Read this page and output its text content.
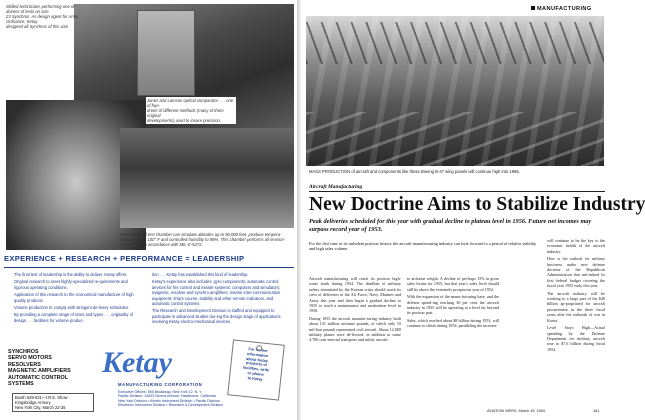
Skilled technicians performing one of dozens of tests on size
23 Synchros. As design agent for Army Ordnance, Ketay
designed all Synchros of this size.
Jones and Lamson optical comparator . . . one of hun-
dreds of different methods (many of them original
developments) used to insure precision.
Environmental test chamber can simulate altitudes up to 90,000 feet, produce tempera-
tures to minus 100° F and controlled humidity to 98%. This chamber performs all environ-
mental tests in accordance with MIL-E-5272.
EXPERIENCE + RESEARCH + PERFORMANCE = LEADERSHIP

The final test of leadership is the ability to deliver. Ketay offers:

Original research to meet highly-specialized re-quirements and rigorous operating conditions.

Application of this research to the economical manufacture of high quality products.

Volume production to comply with stringent de-livery schedules.

By providing a complete range of sizes and types . . . originality of design . . . facilities for volume produc-

tion . . . Ketay has established this kind of leadership.

Ketay's experience also includes: gyro components; automatic control devices for fire control and missile systems; computers and simulators; magnetic, resolver and synchro amplifiers; marine inter-communication equipment; ship's course, stability and other remote indicators, and automatic control systems.

The Research and Development Division is staffed and equipped to participate in advanced studies dur-ing the design stage of applications involving Ketay electro-mechanical devices.

SYNCHROS
SERVO MOTORS
RESOLVERS
MAGNETIC AMPLIFIERS
AUTOMATIC CONTROL SYSTEMS
Booth 629-631—I.R.E. Show
Kingsbridge Armory
New York City, March 22-25
Ketay
MANUFACTURING CORPORATION
Executive Offices: 555 Broadway, New York 12, N. Y.
Pacific Division: 12833 Simms Avenue, Hawthorne, California
New York Division • Kinetix Instrument Division • Pacific Division
Electronic Instrument Division • Research & Development Division
For further
information
about Ketay
products or
facilities, write
or phone
to Ketay
MANUFACTURING
MASS PRODUCTION of aircraft and components like these Boeing B-47 wing panels will continue high into 1956.
Aircraft Manufacturing
New Doctrine Aims to Stabilize Industry
Peak deliveries scheduled for this year with gradual decline to plateau level in 1956. Future net incomes may surpass record year of 1953.
For the first time in its turbulent postwar history the aircraft manufacturing industry can look forward to a period of relative stability and high sales volume.

Aircraft manufacturing will reach its postwar high-water mark during 1954. The deadline of military orders stimulated by the Korean crisis should reach its crest of deliveries to the Air Force, Navy, Marines and Army this year and then begin a gradual decline to 1955 to reach a maintenance and moderation level in 1956.

During 1953 the aircraft manufac-turing industry built about 131 million airframe pounds, of which only 10 mil-lion pounds represented civil aircraft. About 12,000 military planes were de-livered, in addition to some 4,700 com-mercial transports and utility aircraft.

to airframe weight. A decline of per-haps 15% in gross sales looms for 1955, but that year's sales level should still be above the extremely prosperous year of 1952.

With the expansion of the manu-facturing base, and the defense spend-ing reaching 30 per cent, the aircraft industry in 1955 will be operating at a level far beyond its postwar past.

Sales, which reached about $8 billion during 1953, will continue to climb during 1954, paralleling the increase

will continue to be the key to the economic health of the aircraft industry.

How is the outlook for military busi-ness under new defense doctrine of the Republican Administration that sub-mitted its first federal budget covering the fiscal year 1955 early this year.

The aircraft industry will be working to a large part of the $40 billion ap-propriated for aircraft procurement in the three fiscal years after the outbreak of war in Korea.

Level Stays High—Actual spending by the Defense Department for military aircraft rose to $7.6 billion during fiscal 1954.

AVIATION WEEK, March 15, 1954	181
